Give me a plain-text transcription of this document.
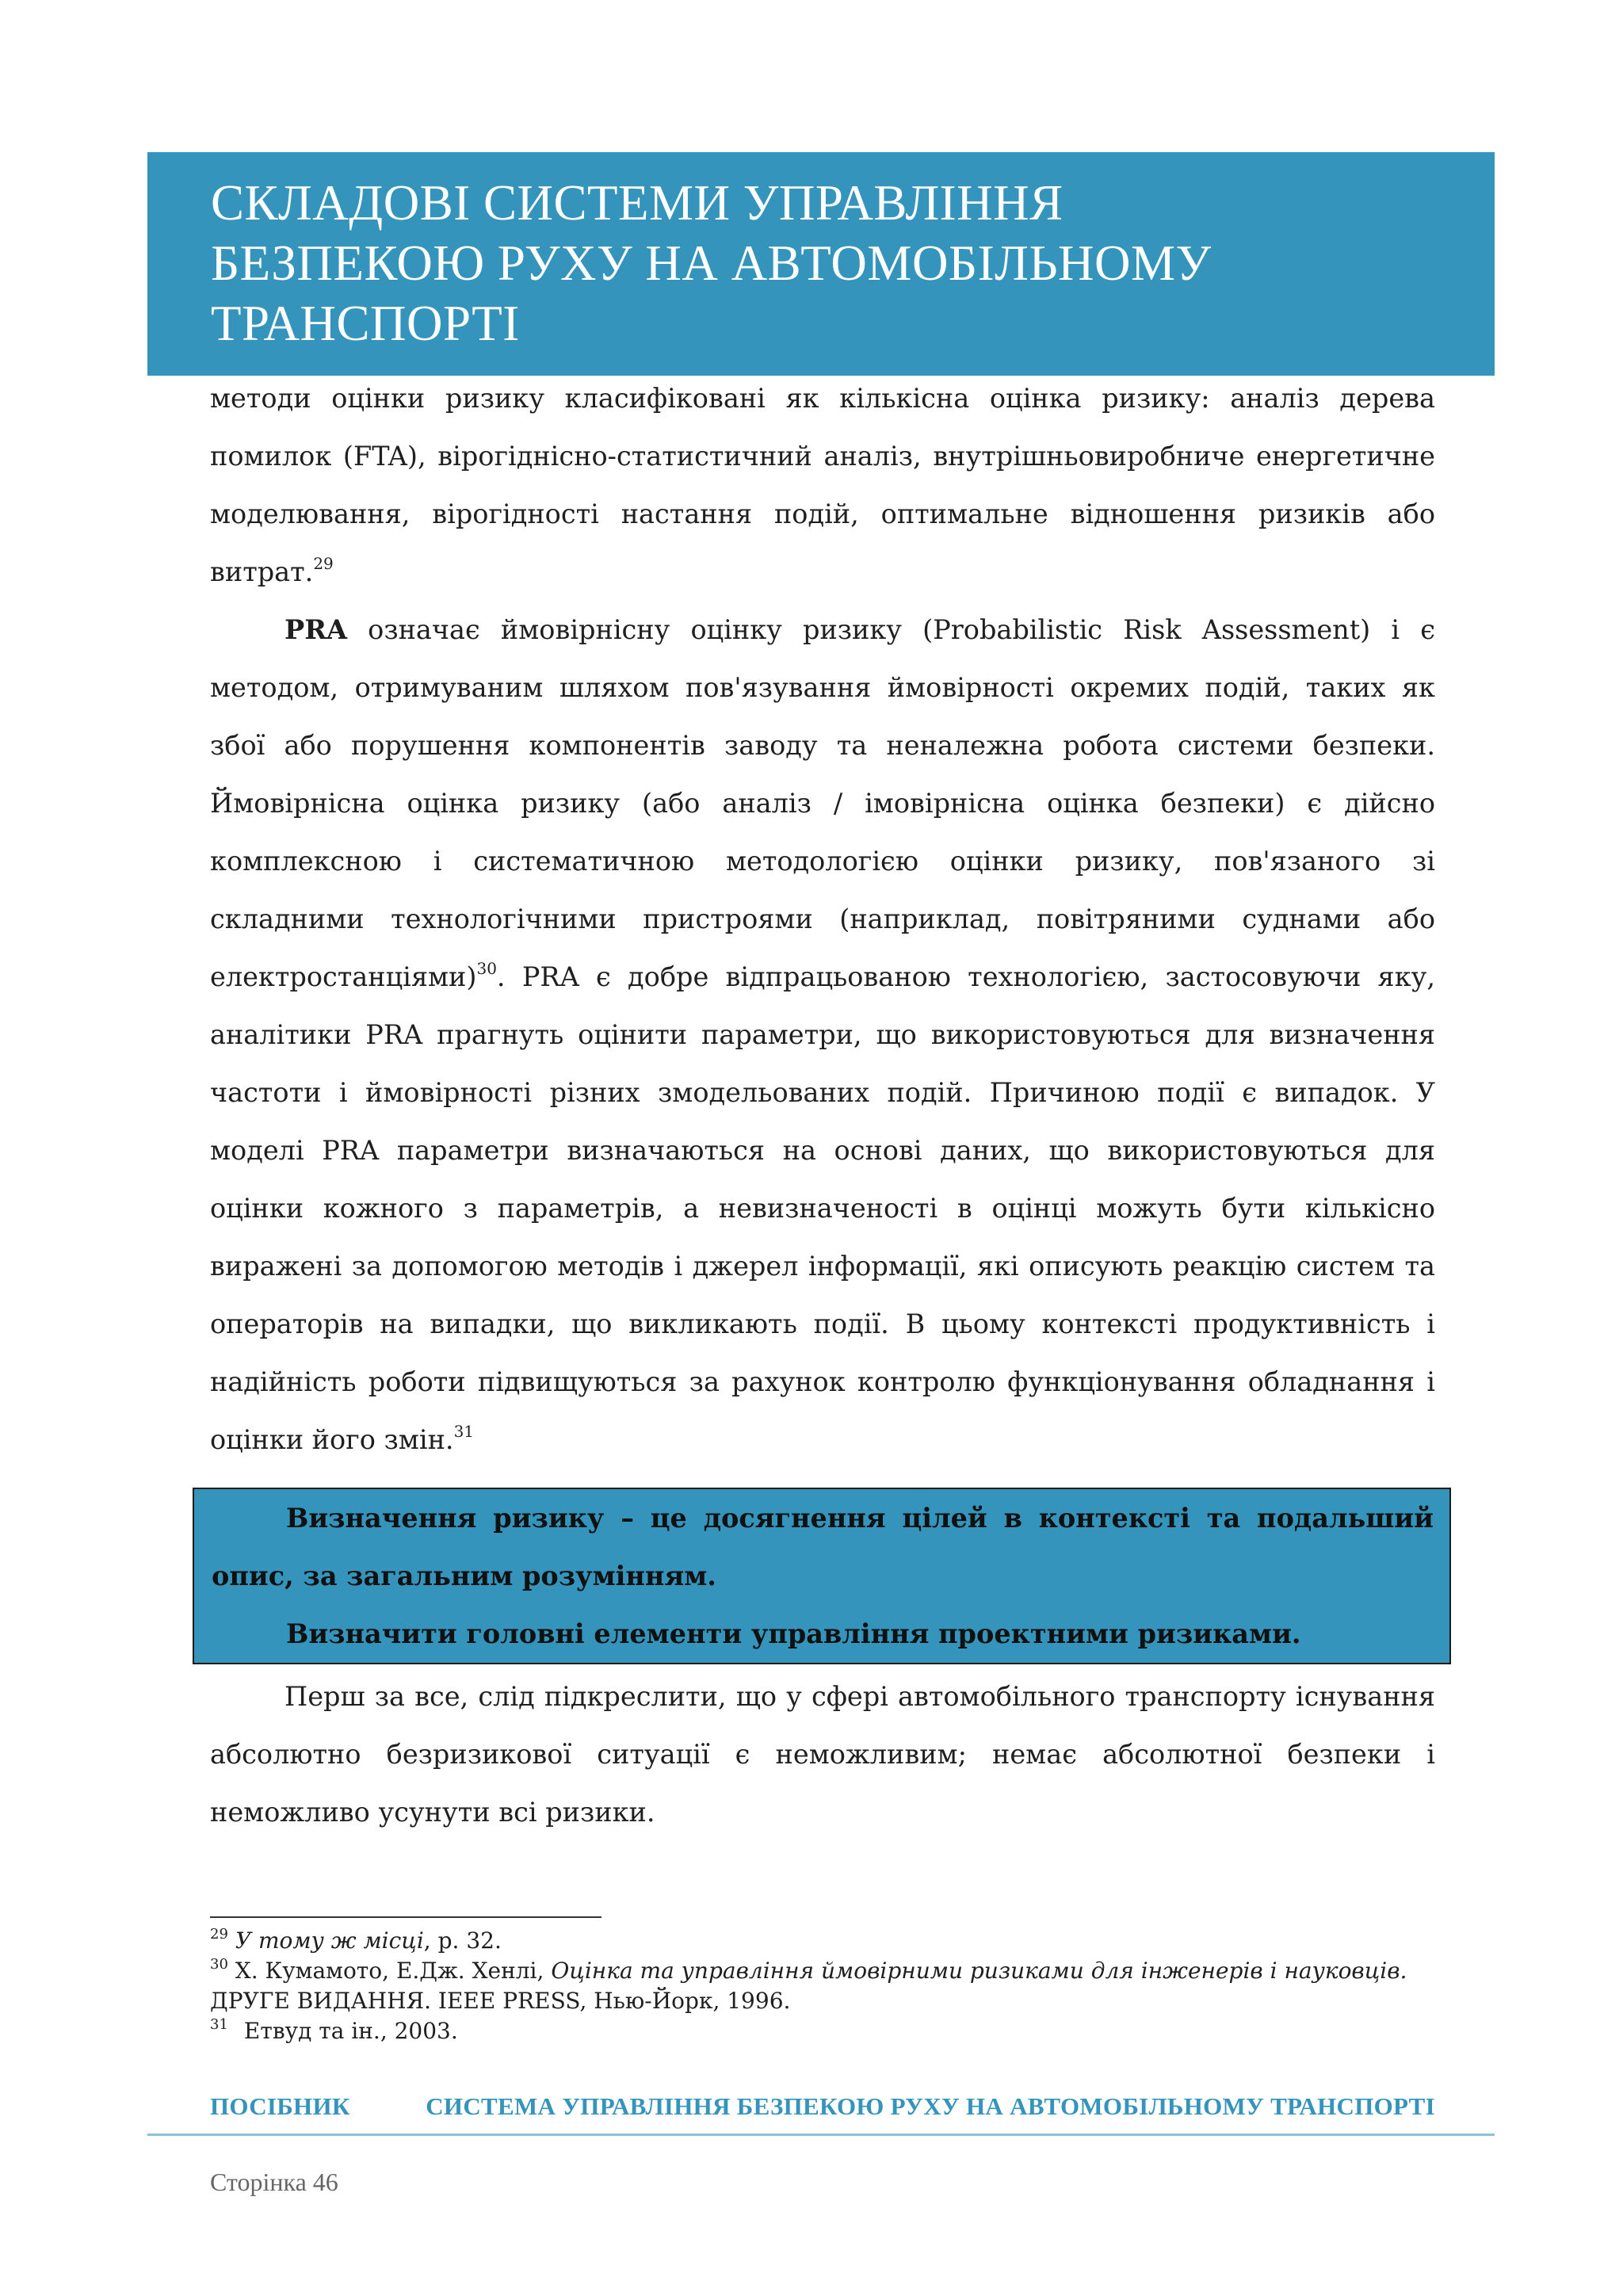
СКЛАДОВІ СИСТЕМИ УПРАВЛІННЯ
БЕЗПЕКОЮ РУХУ НА АВТОМОБІЛЬНОМУ
ТРАНСПОРТІ

методи оцінки ризику класифіковані як кількісна оцінка ризику: аналіз дерева помилок (FTA), вірогіднісно-статистичний аналіз, внутрішньовиробниче енергетичне моделювання, вірогідності настання подій, оптимальне відношення ризиків або витрат.$^{29}$

PRA означає ймовірнісну оцінку ризику (Probabilistic Risk Assessment) і є методом, отримуваним шляхом пов'язування ймовірності окремих подій, таких як збої або порушення компонентів заводу та неналежна робота системи безпеки. Ймовірнісна оцінка ризику (або аналіз / імовірнісна оцінка безпеки) є дійсно комплексною і систематичною методологією оцінки ризику, пов'язаного зі складними технологічними пристроями (наприклад, повітряними суднами або електростанціями)$^{30}$. PRA є добре відпрацьованою технологією, застосовуючи яку, аналітики PRA прагнуть оцінити параметри, що використовуються для визначення частоти і ймовірності різних змодельованих подій. Причиною події є випадок. У моделі PRA параметри визначаються на основі даних, що використовуються для оцінки кожного з параметрів, а невизначеності в оцінці можуть бути кількісно виражені за допомогою методів і джерел інформації, які описують реакцію систем та операторів на випадки, що викликають події. В цьому контексті продуктивність і надійність роботи підвищуються за рахунок контролю функціонування обладнання і оцінки його змін.$^{31}$

Визначення ризику – це досягнення цілей в контексті та подальший опис, за загальним розумінням.

Визначити головні елементи управління проектними ризиками.

Перш за все, слід підкреслити, що у сфері автомобільного транспорту існування абсолютно безризикової ситуації є неможливим; немає абсолютної безпеки і неможливо усунути всі ризики.

$^{29}$ У тому ж місці, р. 32.

$^{30}$ Х. Кумамото, Е.Дж. Хенлі, Оцінка та управління ймовірними ризиками для інженерів і науковців.
ДРУГЕ ВИДАННЯ. IEEE PRESS, Нью-Йорк, 1996.

$^{31}$ Етвуд та ін., 2003.

ПОСІБНИК	СИСТЕМА УПРАВЛІННЯ БЕЗПЕКОЮ РУХУ НА АВТОМОБІЛЬНОМУ ТРАНСПОРТІ
Сторінка 46
